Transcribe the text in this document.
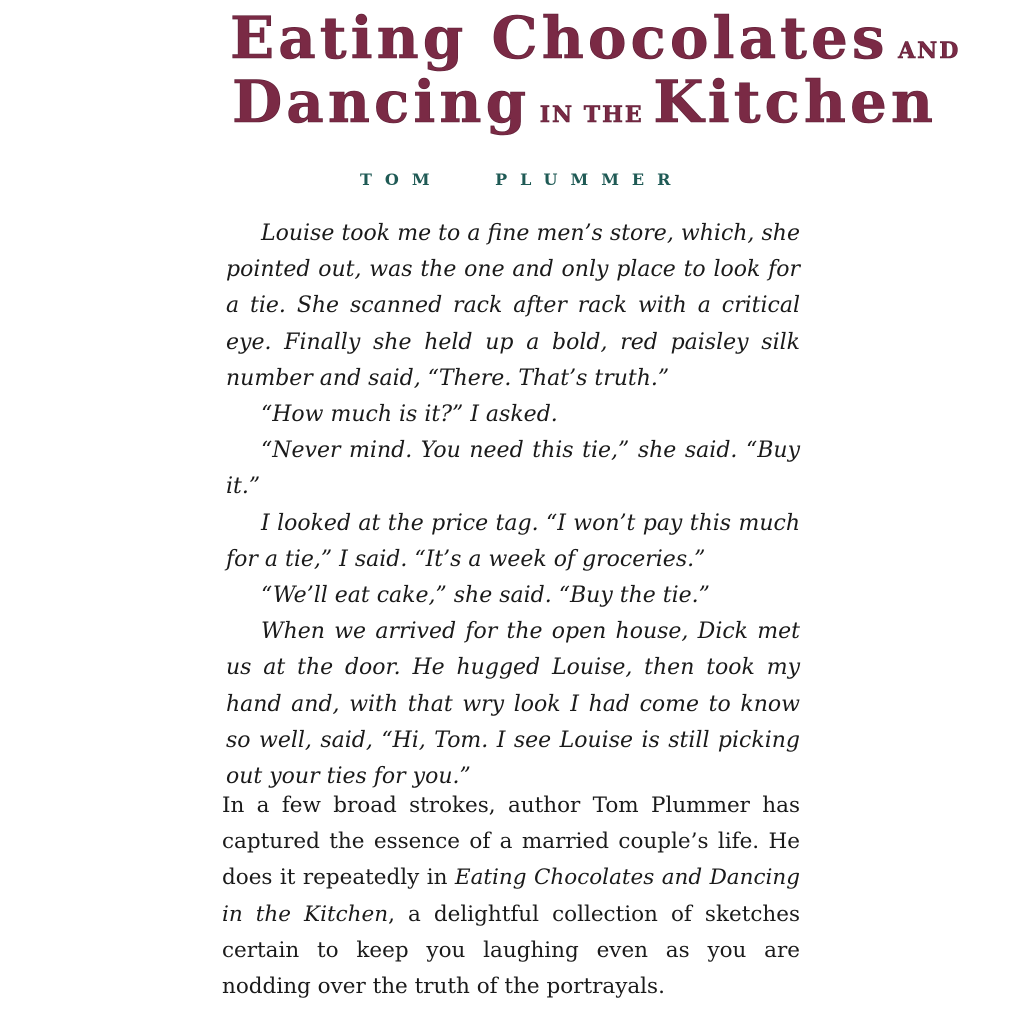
Eating Chocolates AND
Dancing IN THE Kitchen
TOM	PLUMMER

Louise took me to a fine men’s store, which, she pointed out, was the one and only place to look for a tie. She scanned rack after rack with a critical eye. Finally she held up a bold, red paisley silk number and said, “There. That’s truth.”

“How much is it?” I asked.

“Never mind. You need this tie,” she said. “Buy it.”

I looked at the price tag. “I won’t pay this much for a tie,” I said. “It’s a week of groceries.”

“We’ll eat cake,” she said. “Buy the tie.”

When we arrived for the open house, Dick met us at the door. He hugged Louise, then took my hand and, with that wry look I had come to know so well, said, “Hi, Tom. I see Louise is still picking out your ties for you.”

In a few broad strokes, author Tom Plummer has captured the essence of a married couple’s life. He does it repeatedly in Eating Chocolates and Dancing in the Kitchen, a delightful collection of sketches certain to keep you laughing even as you are nodding over the truth of the portrayals.
